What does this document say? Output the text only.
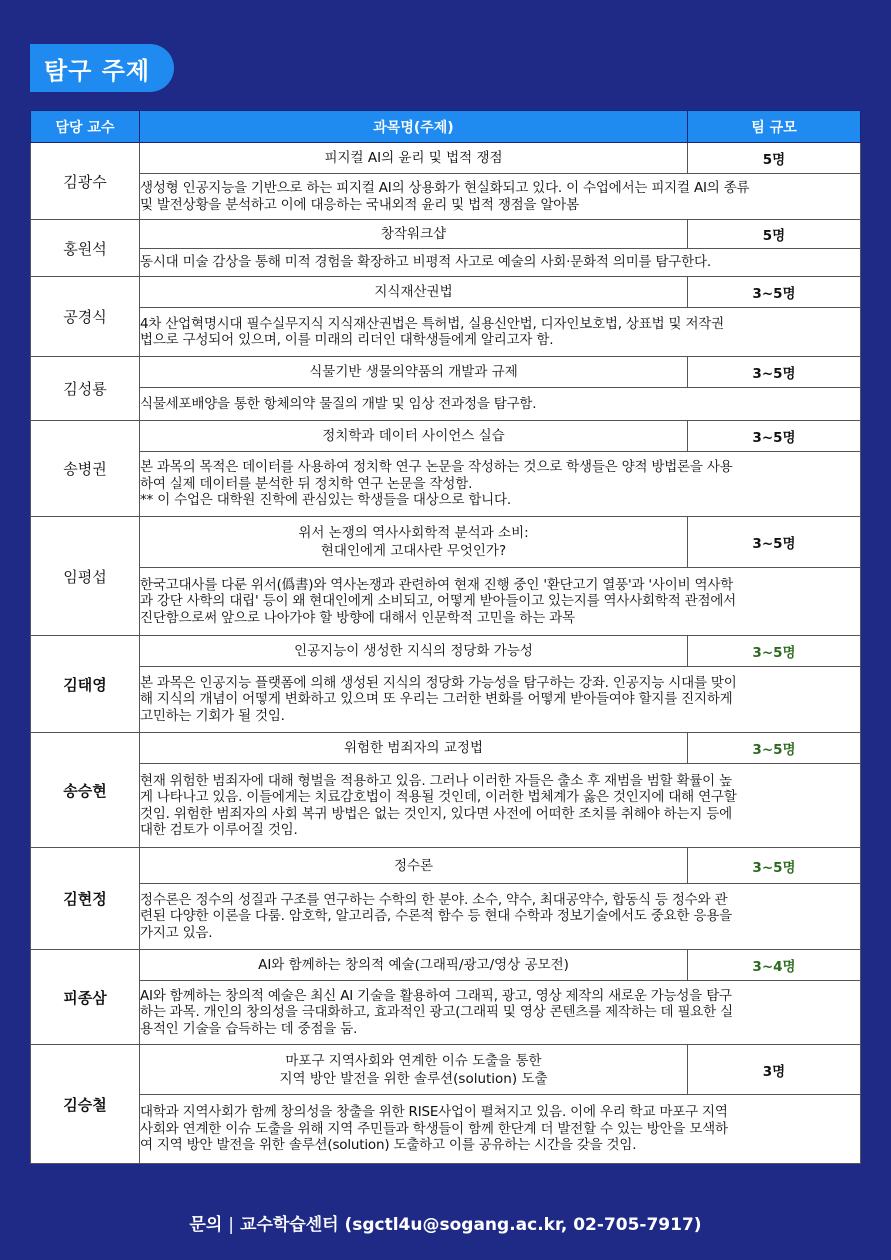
탐구 주제
담당 교수	과목명(주제)	팀 규모
김광수	피지컬 AI의 윤리 및 법적 쟁점	5명

	생성형 인공지능을 기반으로 하는 피지컬 AI의 상용화가 현실화되고 있다. 이 수업에서는 피지컬 AI의 종류
및 발전상황을 분석하고 이에 대응하는 국내외적 윤리 및 법적 쟁점을 알아봄	

홍원석	창작워크샵	5명

	동시대 미술 감상을 통해 미적 경험을 확장하고 비평적 사고로 예술의 사회·문화적 의미를 탐구한다.	

공경식	지식재산권법	3~5명

	4차 산업혁명시대 필수실무지식 지식재산권법은 특허법, 실용신안법, 디자인보호법, 상표법 및 저작권
법으로 구성되어 있으며, 이를 미래의 리더인 대학생들에게 알리고자 함.	

김성룡	식물기반 생물의약품의 개발과 규제	3~5명

	식물세포배양을 통한 항체의약 물질의 개발 및 임상 전과정을 탐구함.	

송병권	정치학과 데이터 사이언스 실습	3~5명

	본 과목의 목적은 데이터를 사용하여 정치학 연구 논문을 작성하는 것으로 학생들은 양적 방법론을 사용
하여 실제 데이터를 분석한 뒤 정치학 연구 논문을 작성함.
** 이 수업은 대학원 진학에 관심있는 학생들을 대상으로 합니다.	

임평섭	위서 논쟁의 역사사회학적 분석과 소비:
현대인에게 고대사란 무엇인가?	3~5명

	한국고대사를 다룬 위서(僞書)와 역사논쟁과 관련하여 현재 진행 중인 '환단고기 열풍'과 '사이비 역사학
과 강단 사학의 대립' 등이 왜 현대인에게 소비되고, 어떻게 받아들이고 있는지를 역사사회학적 관점에서
진단함으로써 앞으로 나아가야 할 방향에 대해서 인문학적 고민을 하는 과목	

김태영	인공지능이 생성한 지식의 정당화 가능성	3~5명

	본 과목은 인공지능 플랫폼에 의해 생성된 지식의 정당화 가능성을 탐구하는 강좌. 인공지능 시대를 맞이
해 지식의 개념이 어떻게 변화하고 있으며 또 우리는 그러한 변화를 어떻게 받아들여야 할지를 진지하게
고민하는 기회가 될 것임.	

송승현	위험한 범죄자의 교정법	3~5명

	현재 위험한 범죄자에 대해 형벌을 적용하고 있음. 그러나 이러한 자들은 출소 후 재범을 범할 확률이 높
게 나타나고 있음. 이들에게는 치료감호법이 적용될 것인데, 이러한 법체계가 옳은 것인지에 대해 연구할
것임. 위험한 범죄자의 사회 복귀 방법은 없는 것인지, 있다면 사전에 어떠한 조치를 취해야 하는지 등에
대한 검토가 이루어질 것임.	

김현정	정수론	3~5명

	정수론은 정수의 성질과 구조를 연구하는 수학의 한 분야. 소수, 약수, 최대공약수, 합동식 등 정수와 관
련된 다양한 이론을 다룸. 암호학, 알고리즘, 수론적 함수 등 현대 수학과 정보기술에서도 중요한 응용을
가지고 있음.	

피종삼	AI와 함께하는 창의적 예술(그래픽/광고/영상 공모전)	3~4명

	AI와 함께하는 창의적 예술은 최신 AI 기술을 활용하여 그래픽, 광고, 영상 제작의 새로운 가능성을 탐구
하는 과목. 개인의 창의성을 극대화하고, 효과적인 광고(그래픽 및 영상 콘텐츠를 제작하는 데 필요한 실
용적인 기술을 습득하는 데 중점을 둠.	

김승철	마포구 지역사회와 연계한 이슈 도출을 통한
지역 방안 발전을 위한 솔루션(solution) 도출	3명

	대학과 지역사회가 함께 창의성을 창출을 위한 RISE사업이 펼쳐지고 있음. 이에 우리 학교 마포구 지역
사회와 연계한 이슈 도출을 위해 지역 주민들과 학생들이 함께 한단계 더 발전할 수 있는 방안을 모색하
여 지역 방안 발전을 위한 솔루션(solution) 도출하고 이를 공유하는 시간을 갖을 것임.	
문의 | 교수학습센터 (sgctl4u@sogang.ac.kr, 02-705-7917)
